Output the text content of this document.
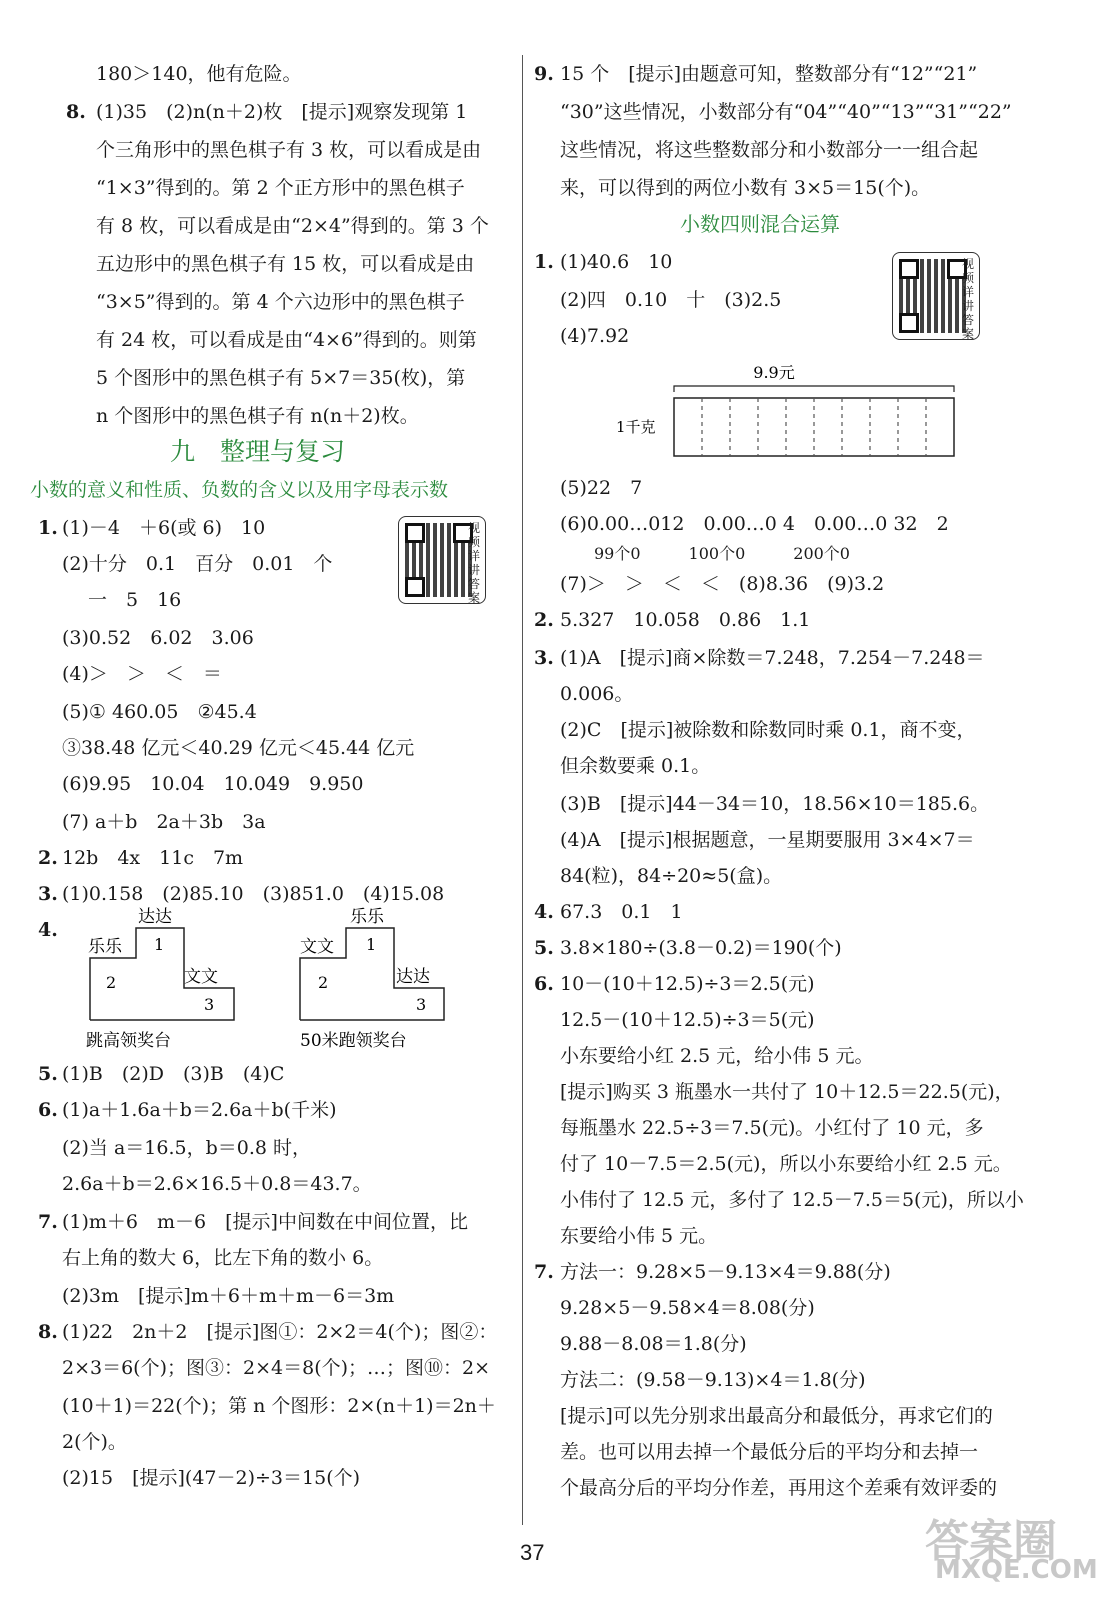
180＞140，他有危险。
8. (1)35　(2)n(n＋2)枚　[提示]观察发现第 1
个三角形中的黑色棋子有 3 枚，可以看成是由
“1×3”得到的。第 2 个正方形中的黑色棋子
有 8 枚，可以看成是由“2×4”得到的。第 3 个
五边形中的黑色棋子有 15 枚，可以看成是由
“3×5”得到的。第 4 个六边形中的黑色棋子
有 24 枚，可以看成是由“4×6”得到的。则第
5 个图形中的黑色棋子有 5×7＝35(枚)，第
n 个图形中的黑色棋子有 n(n＋2)枚。
九　整理与复习
小数的意义和性质、负数的含义以及用字母表示数
1. (1)－4　＋6(或 6)　10
(2)十分　0.1　百分　0.01　个
一　5　16
(3)0.52　6.02　3.06
(4)＞　＞　＜　＝
(5)① 460.05　②45.4
③38.48 亿元＜40.29 亿元＜45.44 亿元
(6)9.95　10.04　10.049　9.950
(7) a＋b　2a＋3b　3a
视频详讲答案
2. 12b　4x　11c　7m
3. (1)0.158　(2)85.10　(3)851.0　(4)15.08
4.
达达
乐乐
文文
1
2
3
跳高领奖台
乐乐
文文
达达
1
2
3
50米跑领奖台
5. (1)B　(2)D　(3)B　(4)C
6. (1)a＋1.6a＋b＝2.6a＋b(千米)
(2)当 a＝16.5，b＝0.8 时，
2.6a＋b＝2.6×16.5＋0.8＝43.7。
7. (1)m＋6　m－6　[提示]中间数在中间位置，比
右上角的数大 6，比左下角的数小 6。
(2)3m　[提示]m＋6＋m＋m－6＝3m
8. (1)22　2n＋2　[提示]图①：2×2＝4(个)；图②：
2×3＝6(个)；图③：2×4＝8(个)；…；图⑩：2×
(10＋1)＝22(个)；第 n 个图形：2×(n＋1)＝2n＋
2(个)。
(2)15　[提示](47－2)÷3＝15(个)
9. 15 个　[提示]由题意可知，整数部分有“12”“21”
“30”这些情况，小数部分有“04”“40”“13”“31”“22”
这些情况，将这些整数部分和小数部分一一组合起
来，可以得到的两位小数有 3×5＝15(个)。
小数四则混合运算
1. (1)40.6　10
(2)四　0.10　十　(3)2.5
(4)7.92
视频详讲答案
9.9元
1千克
(5)22　7
(6)0.00…012　0.00…0 4　0.00…0 32　2
99个0　　　100个0　　　200个0
(7)＞　＞　＜　＜　(8)8.36　(9)3.2
2. 5.327　10.058　0.86　1.1
3. (1)A　[提示]商×除数＝7.248，7.254－7.248＝
0.006。
(2)C　[提示]被除数和除数同时乘 0.1，商不变，
但余数要乘 0.1。
(3)B　[提示]44－34＝10，18.56×10＝185.6。
(4)A　[提示]根据题意，一星期要服用 3×4×7＝
84(粒)，84÷20≈5(盒)。
4. 67.3　0.1　1
5. 3.8×180÷(3.8－0.2)＝190(个)
6. 10－(10＋12.5)÷3＝2.5(元)
12.5－(10＋12.5)÷3＝5(元)
小东要给小红 2.5 元，给小伟 5 元。
[提示]购买 3 瓶墨水一共付了 10＋12.5＝22.5(元)，
每瓶墨水 22.5÷3＝7.5(元)。小红付了 10 元，多
付了 10－7.5＝2.5(元)，所以小东要给小红 2.5 元。
小伟付了 12.5 元，多付了 12.5－7.5＝5(元)，所以小
东要给小伟 5 元。
7. 方法一：9.28×5－9.13×4＝9.88(分)
9.28×5－9.58×4＝8.08(分)
9.88－8.08＝1.8(分)
方法二：(9.58－9.13)×4＝1.8(分)
[提示]可以先分别求出最高分和最低分，再求它们的
差。也可以用去掉一个最低分后的平均分和去掉一
个最高分后的平均分作差，再用这个差乘有效评委的
37	答案圈
MXQE.COM
